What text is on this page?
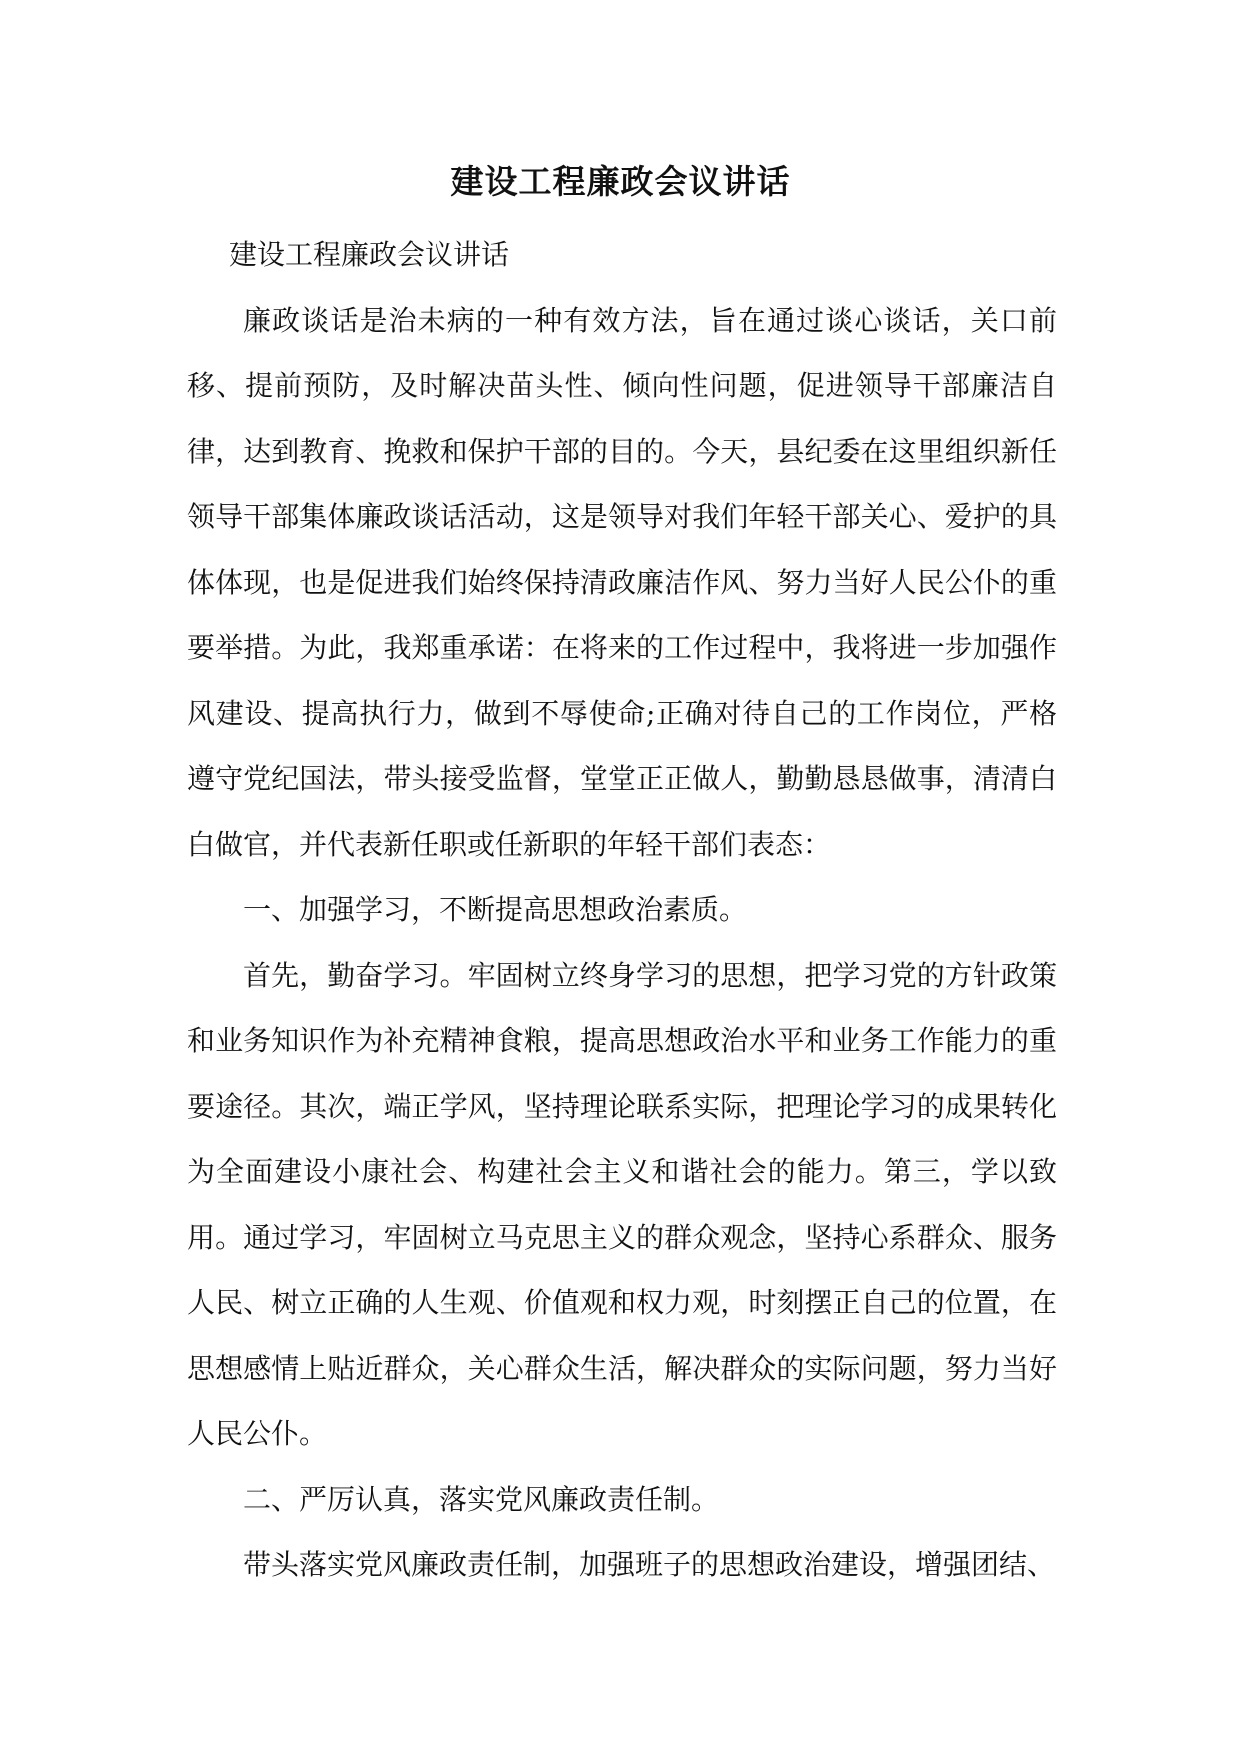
建设工程廉政会议讲话

建设工程廉政会议讲话

廉政谈话是治未病的一种有效方法，旨在通过谈心谈话，关口前移、提前预防，及时解决苗头性、倾向性问题，促进领导干部廉洁自律，达到教育、挽救和保护干部的目的。今天，县纪委在这里组织新任领导干部集体廉政谈话活动，这是领导对我们年轻干部关心、爱护的具体体现，也是促进我们始终保持清政廉洁作风、努力当好人民公仆的重要举措。为此，我郑重承诺：在将来的工作过程中，我将进一步加强作风建设、提高执行力，做到不辱使命;正确对待自己的工作岗位，严格遵守党纪国法，带头接受监督，堂堂正正做人，勤勤恳恳做事，清清白白做官，并代表新任职或任新职的年轻干部们表态：

一、加强学习，不断提高思想政治素质。

首先，勤奋学习。牢固树立终身学习的思想，把学习党的方针政策和业务知识作为补充精神食粮，提高思想政治水平和业务工作能力的重要途径。其次，端正学风，坚持理论联系实际，把理论学习的成果转化为全面建设小康社会、构建社会主义和谐社会的能力。第三，学以致用。通过学习，牢固树立马克思主义的群众观念，坚持心系群众、服务人民、树立正确的人生观、价值观和权力观，时刻摆正自己的位置，在思想感情上贴近群众，关心群众生活，解决群众的实际问题，努力当好人民公仆。

二、严厉认真，落实党风廉政责任制。

带头落实党风廉政责任制，加强班子的思想政治建设，增强团结、
